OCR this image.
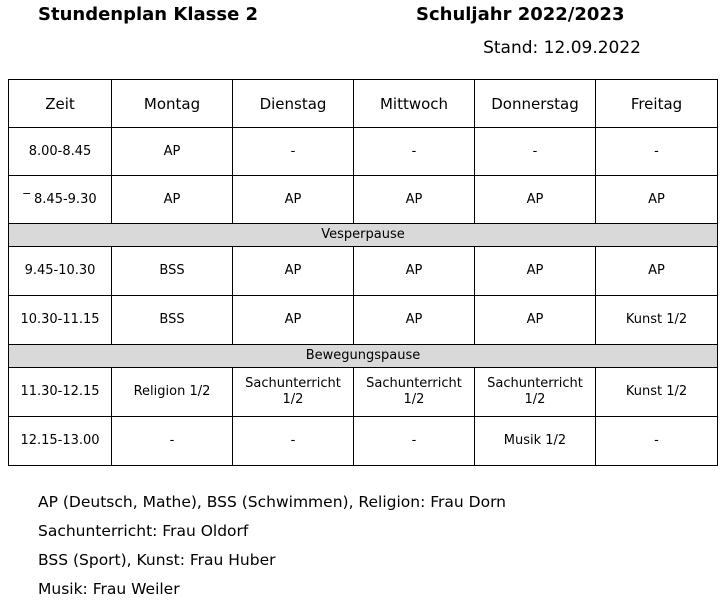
Stundenplan Klasse 2	Schuljahr 2022/2023
Stand: 12.09.2022
Zeit	Montag	Dienstag	Mittwoch	Donnerstag	Freitag
8.00-8.45	AP	-	-	-	-
‾ 8.45-9.30	AP	AP	AP	AP	AP
Vesperpause					
9.45-10.30	BSS	AP	AP	AP	AP
10.30-11.15	BSS	AP	AP	AP	Kunst 1/2
Bewegungspause					
11.30-12.15	Religion 1/2	Sachunterricht 1/2	Sachunterricht 1/2	Sachunterricht 1/2	Kunst 1/2
12.15-13.00	-	-	-	Musik 1/2	-
AP (Deutsch, Mathe), BSS (Schwimmen), Religion: Frau Dorn
Sachunterricht: Frau Oldorf
BSS (Sport), Kunst: Frau Huber
Musik: Frau Weiler
